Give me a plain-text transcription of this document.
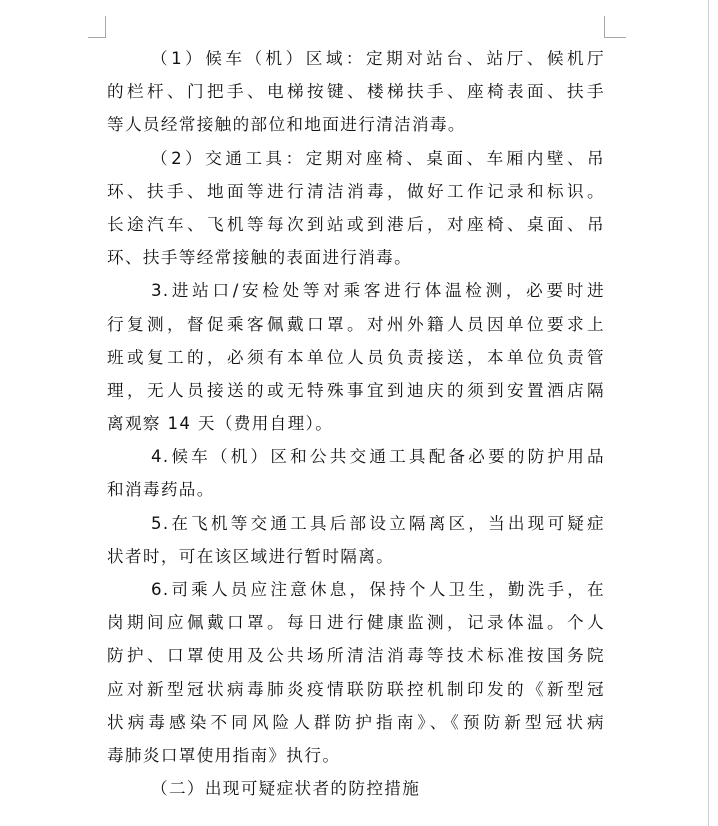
（1）候车（机）区域：定期对站台、站厅、候机厅
的栏杆、门把手、电梯按键、楼梯扶手、座椅表面、扶手
等人员经常接触的部位和地面进行清洁消毒。
（2）交通工具：定期对座椅、桌面、车厢内壁、吊
环、扶手、地面等进行清洁消毒，做好工作记录和标识。
长途汽车、飞机等每次到站或到港后，对座椅、桌面、吊
环、扶手等经常接触的表面进行消毒。
3.进站口/安检处等对乘客进行体温检测，必要时进
行复测，督促乘客佩戴口罩。对州外籍人员因单位要求上
班或复工的，必须有本单位人员负责接送，本单位负责管
理，无人员接送的或无特殊事宜到迪庆的须到安置酒店隔
离观察 14 天（费用自理）。
4.候车（机）区和公共交通工具配备必要的防护用品
和消毒药品。
5.在飞机等交通工具后部设立隔离区，当出现可疑症
状者时，可在该区域进行暂时隔离。
6.司乘人员应注意休息，保持个人卫生，勤洗手，在
岗期间应佩戴口罩。每日进行健康监测，记录体温。个人
防护、口罩使用及公共场所清洁消毒等技术标准按国务院
应对新型冠状病毒肺炎疫情联防联控机制印发的《新型冠
状病毒感染不同风险人群防护指南》、《预防新型冠状病
毒肺炎口罩使用指南》执行。
（二）出现可疑症状者的防控措施
